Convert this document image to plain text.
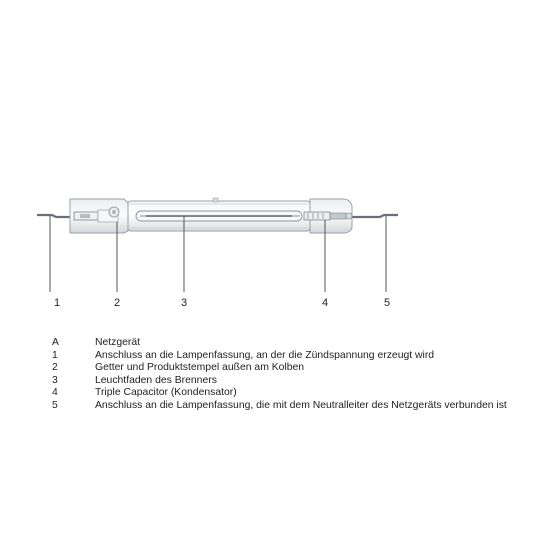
1	2	3	4	5
A	Netzgerät
1	Anschluss an die Lampenfassung, an der die Zündspannung erzeugt wird
2	Getter und Produktstempel außen am Kolben
3	Leuchtfaden des Brenners
4	Triple Capacitor (Kondensator)
5	Anschluss an die Lampenfassung, die mit dem Neutralleiter des Netzgeräts verbunden ist
